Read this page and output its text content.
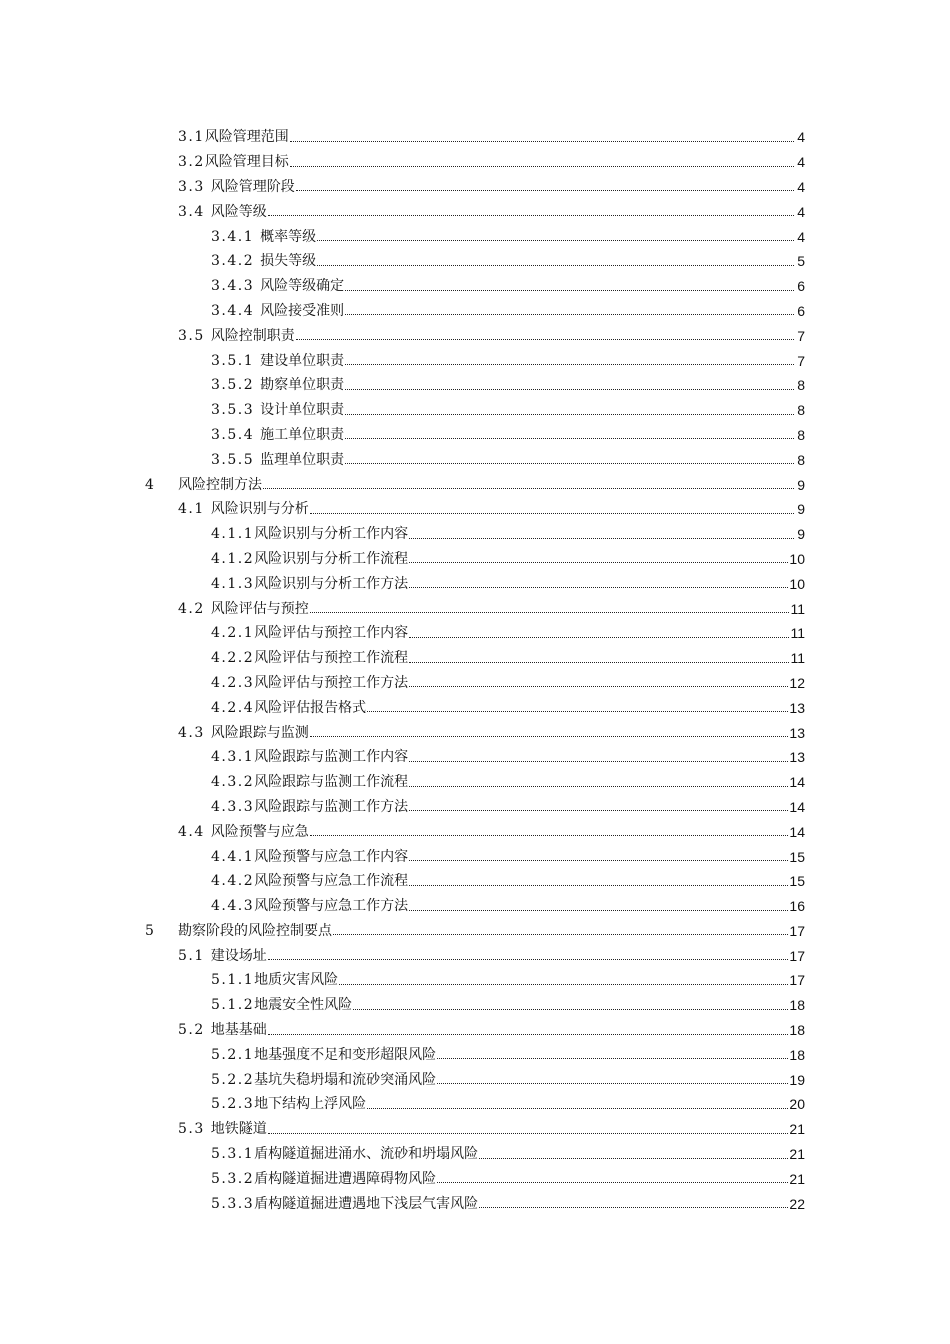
3.1 风险管理范围	4
3.2 风险管理目标	4
3.3 风险管理阶段	4
3.4 风险等级	4
3.4.1 概率等级	4
3.4.2 损失等级	5
3.4.3 风险等级确定	6
3.4.4 风险接受准则	6
3.5 风险控制职责	7
3.5.1 建设单位职责	7
3.5.2 勘察单位职责	8
3.5.3 设计单位职责	8
3.5.4 施工单位职责	8
3.5.5 监理单位职责	8
4	风险控制方法	9
4.1 风险识别与分析	9
4.1.1 风险识别与分析工作内容	9
4.1.2 风险识别与分析工作流程	10
4.1.3 风险识别与分析工作方法	10
4.2 风险评估与预控	11
4.2.1 风险评估与预控工作内容	11
4.2.2 风险评估与预控工作流程	11
4.2.3 风险评估与预控工作方法	12
4.2.4 风险评估报告格式	13
4.3 风险跟踪与监测	13
4.3.1 风险跟踪与监测工作内容	13
4.3.2 风险跟踪与监测工作流程	14
4.3.3 风险跟踪与监测工作方法	14
4.4 风险预警与应急	14
4.4.1 风险预警与应急工作内容	15
4.4.2 风险预警与应急工作流程	15
4.4.3 风险预警与应急工作方法	16
5	勘察阶段的风险控制要点	17
5.1 建设场址	17
5.1.1 地质灾害风险	17
5.1.2 地震安全性风险	18
5.2 地基基础	18
5.2.1 地基强度不足和变形超限风险	18
5.2.2 基坑失稳坍塌和流砂突涌风险	19
5.2.3 地下结构上浮风险	20
5.3 地铁隧道	21
5.3.1 盾构隧道掘进涌水、流砂和坍塌风险	21
5.3.2 盾构隧道掘进遭遇障碍物风险	21
5.3.3 盾构隧道掘进遭遇地下浅层气害风险	22
